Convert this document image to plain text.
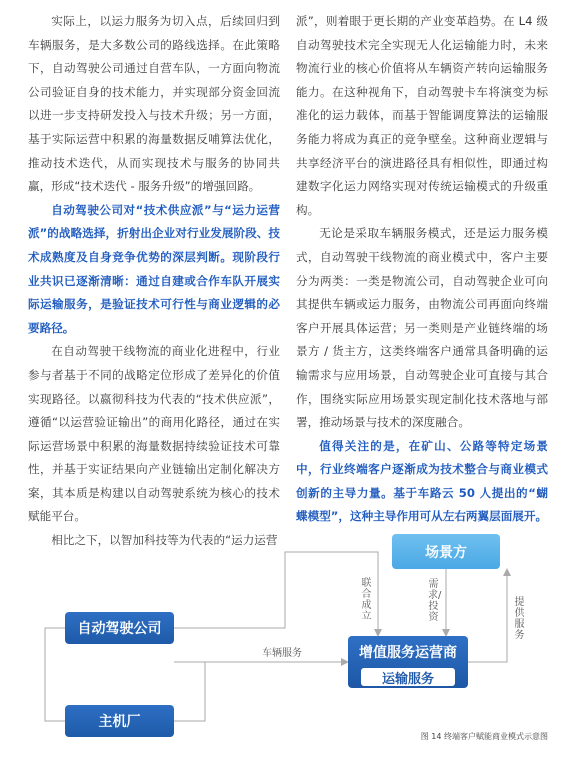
实际上，以运力服务为切入点，后续回归到车辆服务，是大多数公司的路线选择。在此策略下，自动驾驶公司通过自营车队，一方面向物流公司验证自身的技术能力，并实现部分资金回流以进一步支持研发投入与技术升级；另一方面，基于实际运营中积累的海量数据反哺算法优化，推动技术迭代，从而实现技术与服务的协同共赢，形成“技术迭代 - 服务升级”的增强回路。

自动驾驶公司对“技术供应派”与“运力运营派”的战略选择，折射出企业对行业发展阶段、技术成熟度及自身竞争优势的深层判断。现阶段行业共识已逐渐清晰：通过自建或合作车队开展实际运输服务，是验证技术可行性与商业逻辑的必要路径。

在自动驾驶干线物流的商业化进程中，行业参与者基于不同的战略定位形成了差异化的价值实现路径。以嬴彻科技为代表的“技术供应派”，遵循“以运营验证输出”的商用化路径，通过在实际运营场景中积累的海量数据持续验证技术可靠性，并基于实证结果向产业链输出定制化解决方案，其本质是构建以自动驾驶系统为核心的技术赋能平台。

相比之下，以智加科技等为代表的“运力运营

派”，则着眼于更长期的产业变革趋势。在 L4 级自动驾驶技术完全实现无人化运输能力时，未来物流行业的核心价值将从车辆资产转向运输服务能力。在这种视角下，自动驾驶卡车将演变为标准化的运力载体，而基于智能调度算法的运输服务能力将成为真正的竞争壁垒。这种商业逻辑与共享经济平台的演进路径具有相似性，即通过构建数字化运力网络实现对传统运输模式的升级重构。

无论是采取车辆服务模式，还是运力服务模式，自动驾驶干线物流的商业模式中，客户主要分为两类：一类是物流公司，自动驾驶企业可向其提供车辆或运力服务，由物流公司再面向终端客户开展具体运营；另一类则是产业链终端的场景方 / 货主方，这类终端客户通常具备明确的运输需求与应用场景，自动驾驶企业可直接与其合作，围绕实际应用场景实现定制化技术落地与部署，推动场景与技术的深度融合。

值得关注的是，在矿山、公路等特定场景中，行业终端客户逐渐成为技术整合与商业模式创新的主导力量。基于车路云 50 人提出的“蝴蝶模型”，这种主导作用可从左右两翼层面展开。

自动驾驶公司
主机厂
场景方
增值服务运营商
运输服务
联合成立
需求/投资
提供服务
车辆服务
图 14 终端客户赋能商业模式示意图
